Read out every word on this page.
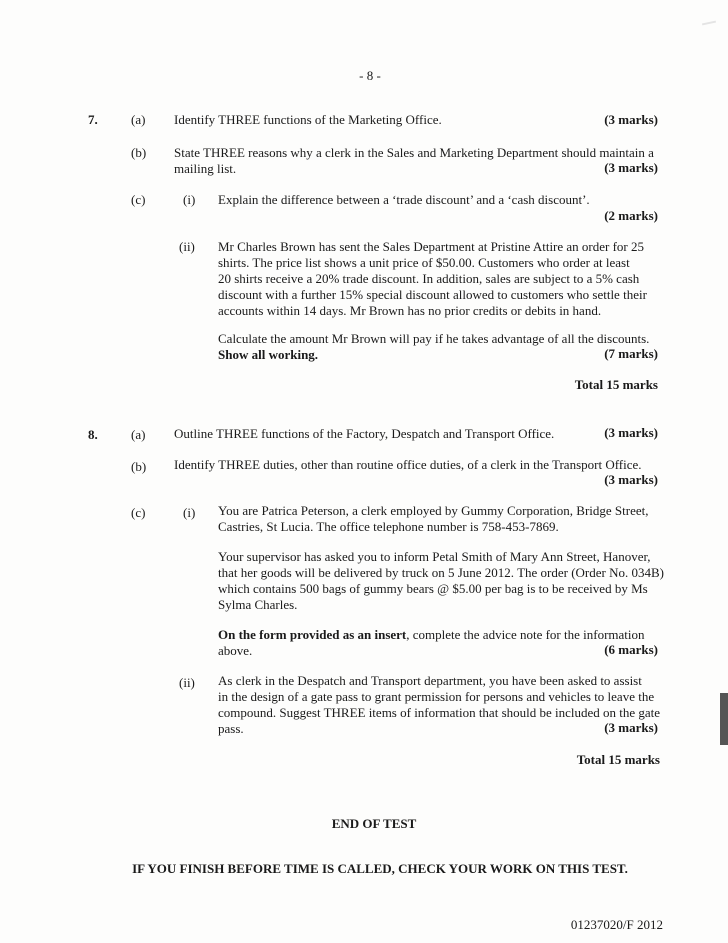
- 8 -
7.	(a) Identify THREE functions of the Marketing Office.	(3 marks)
(b) State THREE reasons why a clerk in the Sales and Marketing Department should maintain a
mailing list.	(3 marks)
(c)	(i) Explain the difference between a ‘trade discount’ and a ‘cash discount’.
(2 marks)
(ii) Mr Charles Brown has sent the Sales Department at Pristine Attire an order for 25
shirts. The price list shows a unit price of $50.00. Customers who order at least
20 shirts receive a 20% trade discount. In addition, sales are subject to a 5% cash
discount with a further 15% special discount allowed to customers who settle their
accounts within 14 days. Mr Brown has no prior credits or debits in hand.
Calculate the amount Mr Brown will pay if he takes advantage of all the discounts.
Show all working.	(7 marks)
Total 15 marks
8.	(a) Outline THREE functions of the Factory, Despatch and Transport Office.	(3 marks)
(b) Identify THREE duties, other than routine office duties, of a clerk in the Transport Office.
(3 marks)
(c)	(i) You are Patrica Peterson, a clerk employed by Gummy Corporation, Bridge Street,
Castries, St Lucia. The office telephone number is 758-453-7869.
Your supervisor has asked you to inform Petal Smith of Mary Ann Street, Hanover,
that her goods will be delivered by truck on 5 June 2012. The order (Order No. 034B)
which contains 500 bags of gummy bears @ $5.00 per bag is to be received by Ms
Sylma Charles.
On the form provided as an insert, complete the advice note for the information
above.	(6 marks)
(ii) As clerk in the Despatch and Transport department, you have been asked to assist
in the design of a gate pass to grant permission for persons and vehicles to leave the
compound. Suggest THREE items of information that should be included on the gate
pass.	(3 marks)
Total 15 marks
END OF TEST
IF YOU FINISH BEFORE TIME IS CALLED, CHECK YOUR WORK ON THIS TEST.
01237020/F 2012
